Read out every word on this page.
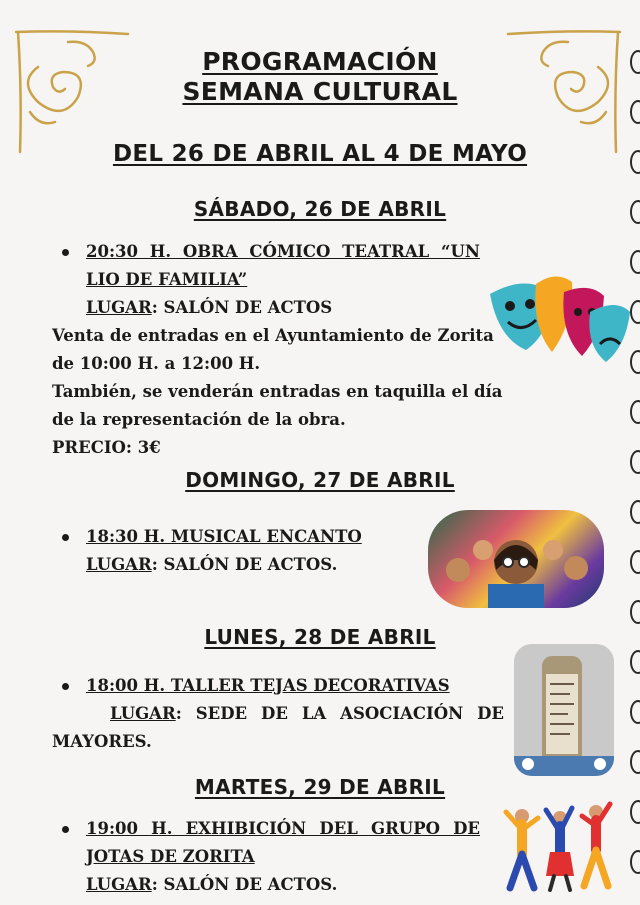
PROGRAMACIÓN
SEMANA CULTURAL
DEL 26 DE ABRIL AL 4 DE MAYO
SÁBADO, 26 DE ABRIL
20:30 H. OBRA CÓMICO TEATRAL “UN
LIO DE FAMILIA”
LUGAR: SALÓN DE ACTOS
Venta de entradas en el Ayuntamiento de Zorita
de 10:00 H. a 12:00 H.
También, se venderán entradas en taquilla el día
de la representación de la obra.
PRECIO: 3€
DOMINGO, 27 DE ABRIL
18:30 H. MUSICAL ENCANTO
LUGAR: SALÓN DE ACTOS.
LUNES, 28 DE ABRIL
18:00 H. TALLER TEJAS DECORATIVAS
LUGAR: SEDE DE LA ASOCIACIÓN DE
MAYORES.
MARTES, 29 DE ABRIL
19:00 H. EXHIBICIÓN DEL GRUPO DE
JOTAS DE ZORITA
LUGAR: SALÓN DE ACTOS.
